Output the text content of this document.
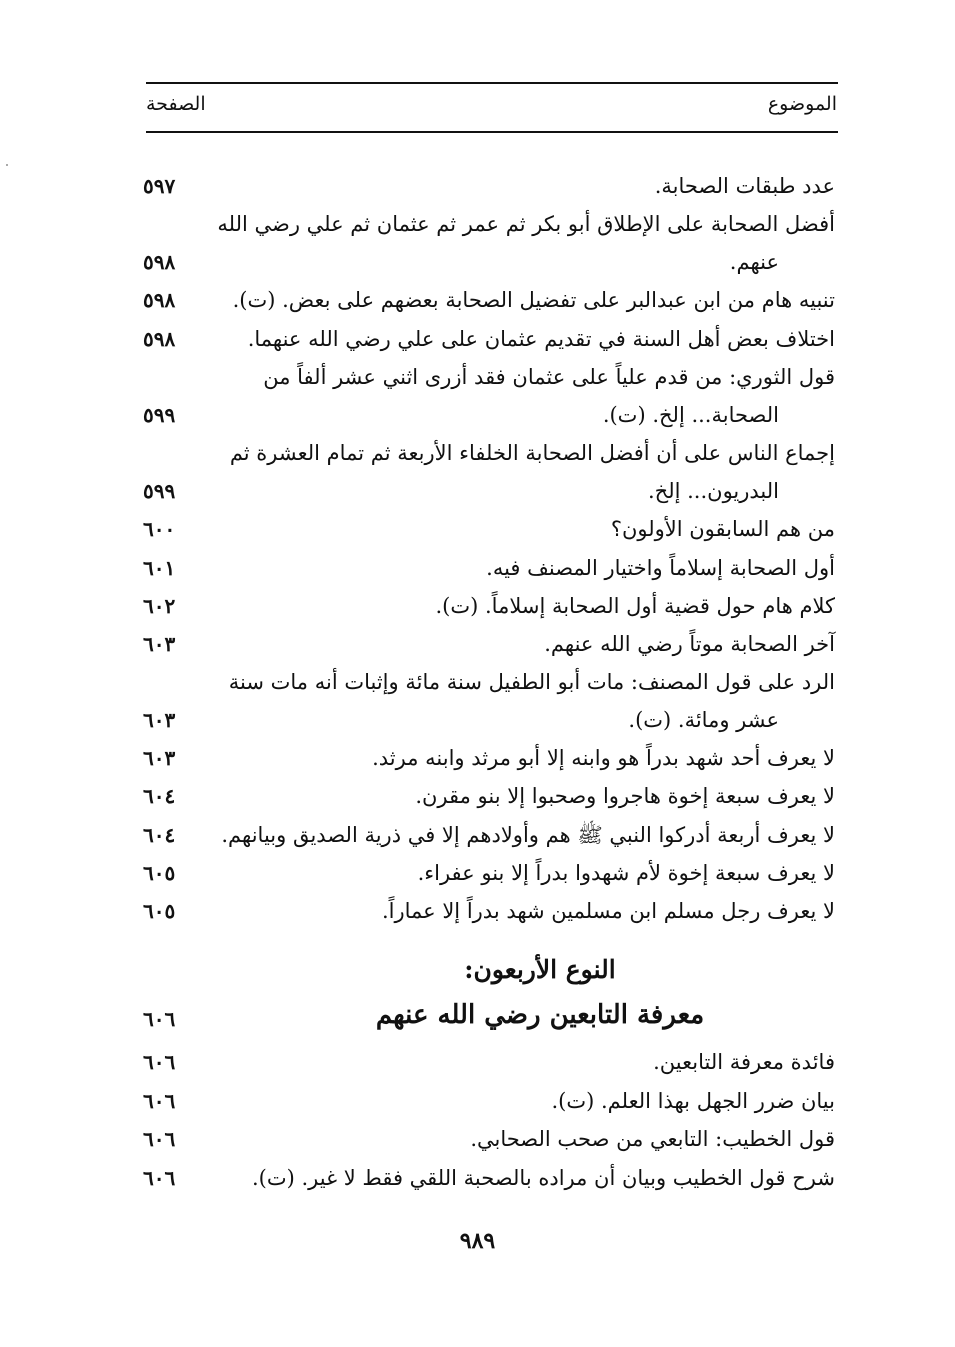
الموضوع
الصفحة
عدد طبقات الصحابة.
٥٩٧
أفضل الصحابة على الإطلاق أبو بكر ثم عمر ثم عثمان ثم علي رضي الله
عنهم.
٥٩٨
تنبيه هام من ابن عبدالبر على تفضيل الصحابة بعضهم على بعض. (ت).
٥٩٨
اختلاف بعض أهل السنة في تقديم عثمان على علي رضي الله عنهما.
٥٩٨
قول الثوري: من قدم علياً على عثمان فقد أزرى اثني عشر ألفاً من
الصحابة... إلخ. (ت).
٥٩٩
إجماع الناس على أن أفضل الصحابة الخلفاء الأربعة ثم تمام العشرة ثم
البدريون... إلخ.
٥٩٩
من هم السابقون الأولون؟
٦٠٠
أول الصحابة إسلاماً واختيار المصنف فيه.
٦٠١
كلام هام حول قضية أول الصحابة إسلاماً. (ت).
٦٠٢
آخر الصحابة موتاً رضي الله عنهم.
٦٠٣
الرد على قول المصنف: مات أبو الطفيل سنة مائة وإثبات أنه مات سنة
عشر ومائة. (ت).
٦٠٣
لا يعرف أحد شهد بدراً هو وابنه إلا أبو مرثد وابنه مرثد.
٦٠٣
لا يعرف سبعة إخوة هاجروا وصحبوا إلا بنو مقرن.
٦٠٤
لا يعرف أربعة أدركوا النبي ﷺ هم وأولادهم إلا في ذرية الصديق وبيانهم.
٦٠٤
لا يعرف سبعة إخوة لأم شهدوا بدراً إلا بنو عفراء.
٦٠٥
لا يعرف رجل مسلم ابن مسلمين شهد بدراً إلا عماراً.
٦٠٥
النوع الأربعون:
معرفة التابعين رضي الله عنهم
٦٠٦
فائدة معرفة التابعين.
٦٠٦
بيان ضرر الجهل بهذا العلم. (ت).
٦٠٦
قول الخطيب: التابعي من صحب الصحابي.
٦٠٦
شرح قول الخطيب وبيان أن مراده بالصحبة اللقي فقط لا غير. (ت).
٦٠٦
٩٨٩
